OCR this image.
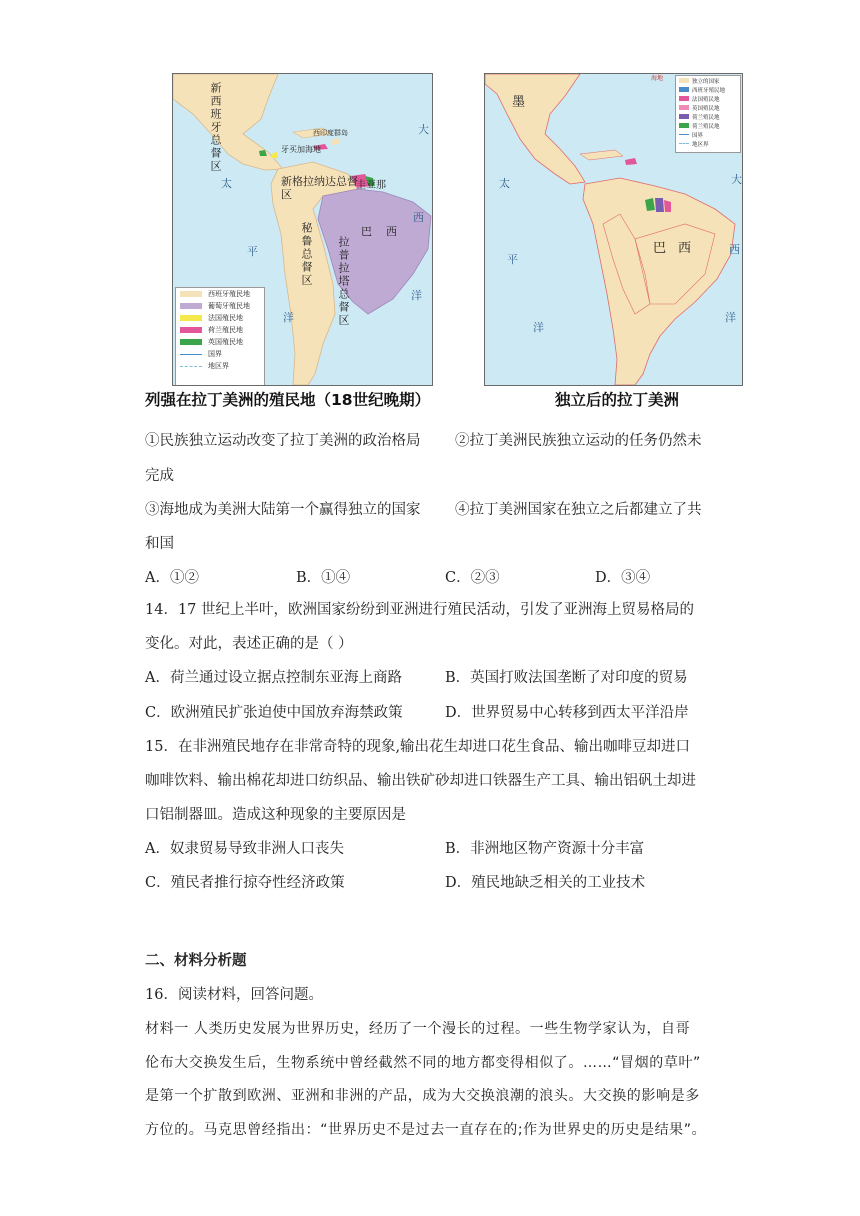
新西班牙总督区	西印度群岛
牙买加海地
新格拉纳达总督区
圭亚那
巴西
秘鲁总督区 拉普拉塔总督区
大
西
洋
太
平
洋
西班牙殖民地
葡萄牙殖民地
法国殖民地
荷兰殖民地
英国殖民地
国界
地区界
列强在拉丁美洲的殖民地（18世纪晚期）
墨
巴西
大
西
洋
太
平
洋
独立的国家
西班牙殖民地
法国殖民地
英国殖民地
荷兰殖民地
荷兰殖民地
国界
地区界
海地
独立后的拉丁美洲
①民族独立运动改变了拉丁美洲的政治格局 ②拉丁美洲民族独立运动的任务仍然未
完成
③海地成为美洲大陆第一个赢得独立的国家 ④拉丁美洲国家在独立之后都建立了共
和国
A．①②	B．①④	C．②③	D．③④
14．17 世纪上半叶，欧洲国家纷纷到亚洲进行殖民活动，引发了亚洲海上贸易格局的
变化。对此，表述正确的是（ ）
A．荷兰通过设立据点控制东亚海上商路	B．英国打败法国垄断了对印度的贸易
C．欧洲殖民扩张迫使中国放弃海禁政策	D．世界贸易中心转移到西太平洋沿岸
15．在非洲殖民地存在非常奇特的现象,输出花生却进口花生食品、输出咖啡豆却进口
咖啡饮料、输出棉花却进口纺织品、输出铁矿砂却进口铁器生产工具、输出铝矾土却进
口铝制器皿。造成这种现象的主要原因是
A．奴隶贸易导致非洲人口丧失	B．非洲地区物产资源十分丰富
C．殖民者推行掠夺性经济政策	D．殖民地缺乏相关的工业技术
二、材料分析题
16．阅读材料，回答问题。
材料一 人类历史发展为世界历史，经历了一个漫长的过程。一些生物学家认为，自哥
伦布大交换发生后，生物系统中曾经截然不同的地方都变得相似了。……“冒烟的草叶”
是第一个扩散到欧洲、亚洲和非洲的产品，成为大交换浪潮的浪头。大交换的影响是多
方位的。马克思曾经指出：“世界历史不是过去一直存在的;作为世界史的历史是结果”。
